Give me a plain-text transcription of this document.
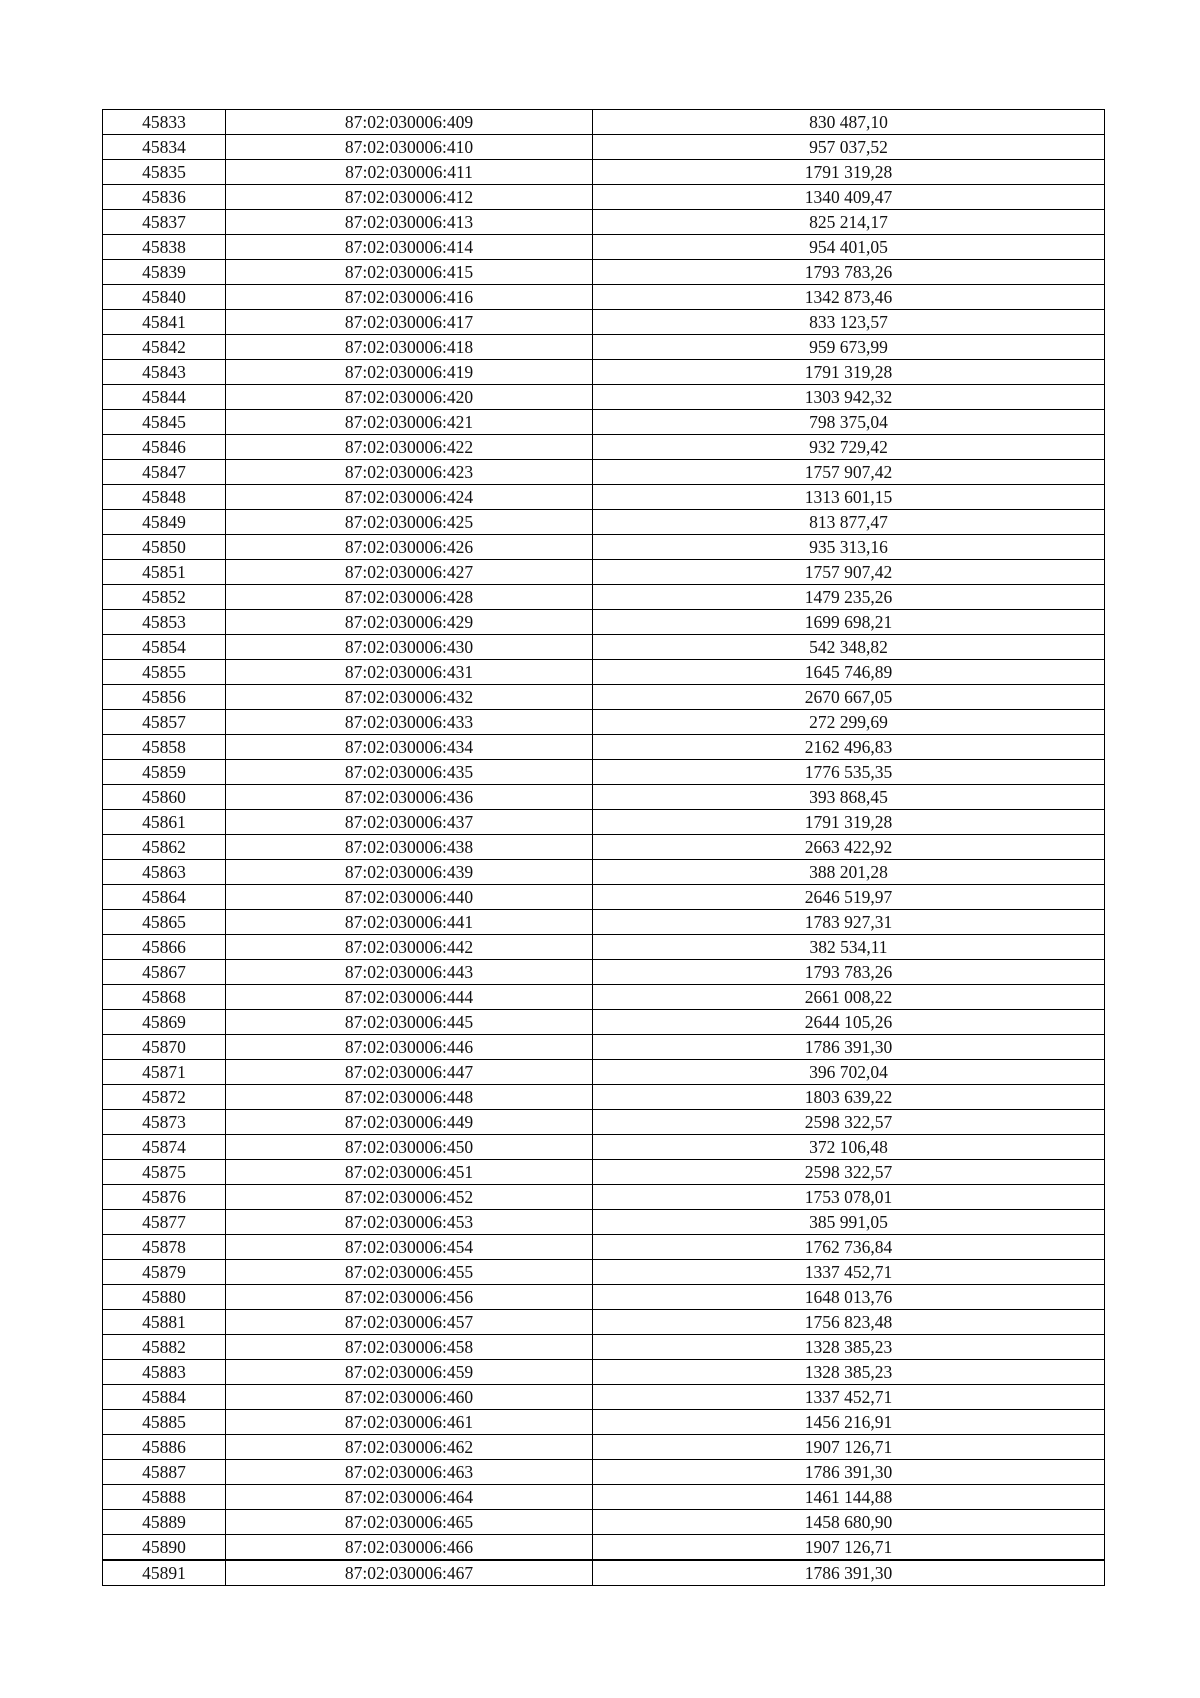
45833	87:02:030006:409	830 487,10
45834	87:02:030006:410	957 037,52
45835	87:02:030006:411	1791 319,28
45836	87:02:030006:412	1340 409,47
45837	87:02:030006:413	825 214,17
45838	87:02:030006:414	954 401,05
45839	87:02:030006:415	1793 783,26
45840	87:02:030006:416	1342 873,46
45841	87:02:030006:417	833 123,57
45842	87:02:030006:418	959 673,99
45843	87:02:030006:419	1791 319,28
45844	87:02:030006:420	1303 942,32
45845	87:02:030006:421	798 375,04
45846	87:02:030006:422	932 729,42
45847	87:02:030006:423	1757 907,42
45848	87:02:030006:424	1313 601,15
45849	87:02:030006:425	813 877,47
45850	87:02:030006:426	935 313,16
45851	87:02:030006:427	1757 907,42
45852	87:02:030006:428	1479 235,26
45853	87:02:030006:429	1699 698,21
45854	87:02:030006:430	542 348,82
45855	87:02:030006:431	1645 746,89
45856	87:02:030006:432	2670 667,05
45857	87:02:030006:433	272 299,69
45858	87:02:030006:434	2162 496,83
45859	87:02:030006:435	1776 535,35
45860	87:02:030006:436	393 868,45
45861	87:02:030006:437	1791 319,28
45862	87:02:030006:438	2663 422,92
45863	87:02:030006:439	388 201,28
45864	87:02:030006:440	2646 519,97
45865	87:02:030006:441	1783 927,31
45866	87:02:030006:442	382 534,11
45867	87:02:030006:443	1793 783,26
45868	87:02:030006:444	2661 008,22
45869	87:02:030006:445	2644 105,26
45870	87:02:030006:446	1786 391,30
45871	87:02:030006:447	396 702,04
45872	87:02:030006:448	1803 639,22
45873	87:02:030006:449	2598 322,57
45874	87:02:030006:450	372 106,48
45875	87:02:030006:451	2598 322,57
45876	87:02:030006:452	1753 078,01
45877	87:02:030006:453	385 991,05
45878	87:02:030006:454	1762 736,84
45879	87:02:030006:455	1337 452,71
45880	87:02:030006:456	1648 013,76
45881	87:02:030006:457	1756 823,48
45882	87:02:030006:458	1328 385,23
45883	87:02:030006:459	1328 385,23
45884	87:02:030006:460	1337 452,71
45885	87:02:030006:461	1456 216,91
45886	87:02:030006:462	1907 126,71
45887	87:02:030006:463	1786 391,30
45888	87:02:030006:464	1461 144,88
45889	87:02:030006:465	1458 680,90
45890	87:02:030006:466	1907 126,71
45891	87:02:030006:467	1786 391,30
